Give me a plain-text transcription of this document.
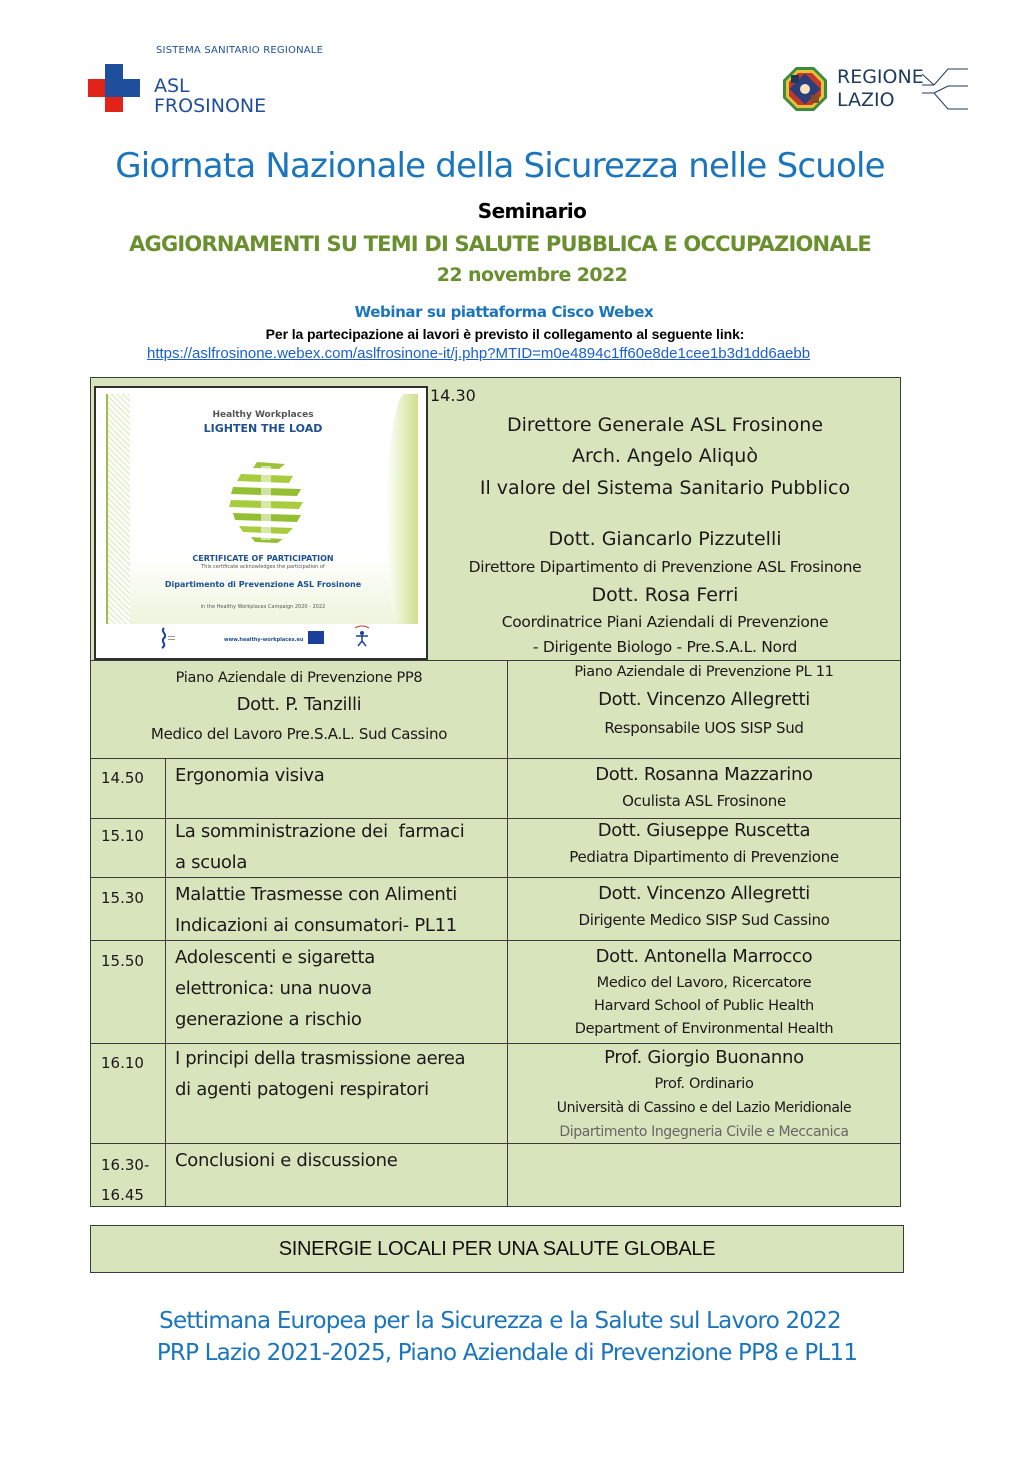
SISTEMA SANITARIO REGIONALE
ASL
FROSINONE
REGIONE
LAZIO
Giornata Nazionale della Sicurezza nelle Scuole
Seminario
AGGIORNAMENTI SU TEMI DI SALUTE PUBBLICA E OCCUPAZIONALE
22 novembre 2022
Webinar su piattaforma Cisco Webex
Per la partecipazione ai lavori è previsto il collegamento al seguente link:
https://aslfrosinone.webex.com/aslfrosinone-it/j.php?MTID=m0e4894c1ff60e8de1cee1b3d1dd6aebb
Healthy Workplaces
LIGHTEN THE LOAD
CERTIFICATE OF PARTICIPATION
This certificate acknowledges the participation of
Dipartimento di Prevenzione ASL Frosinone
in the Healthy Workplaces Campaign 2020 - 2022
www.healthy-workplaces.eu
14.30
Direttore Generale ASL Frosinone
Arch. Angelo Aliquò
Il valore del Sistema Sanitario Pubblico
Dott. Giancarlo Pizzutelli
Direttore Dipartimento di Prevenzione ASL Frosinone
Dott. Rosa Ferri
Coordinatrice Piani Aziendali di Prevenzione
- Dirigente Biologo - Pre.S.A.L. Nord
Piano Aziendale di Prevenzione PP8
Dott. P. Tanzilli
Medico del Lavoro Pre.S.A.L. Sud Cassino
Piano Aziendale di Prevenzione PL 11
Dott. Vincenzo Allegretti
Responsabile UOS SISP Sud
14.50 Ergonomia visiva	Dott. Rosanna Mazzarino
Oculista ASL Frosinone
15.10 La somministrazione dei  farmaci
a scuola
Dott. Giuseppe Ruscetta
Pediatra Dipartimento di Prevenzione
15.30 Malattie Trasmesse con Alimenti
Indicazioni ai consumatori- PL11
Dott. Vincenzo Allegretti
Dirigente Medico SISP Sud Cassino
15.50 Adolescenti e sigaretta
elettronica: una nuova
generazione a rischio
Dott. Antonella Marrocco
Medico del Lavoro, Ricercatore
Harvard School of Public Health
Department of Environmental Health
16.10 I principi della trasmissione aerea
di agenti patogeni respiratori
Prof. Giorgio Buonanno
Prof. Ordinario
Università di Cassino e del Lazio Meridionale
Dipartimento Ingegneria Civile e Meccanica
16.30-
16.45
Conclusioni e discussione
SINERGIE LOCALI PER UNA SALUTE GLOBALE
Settimana Europea per la Sicurezza e la Salute sul Lavoro 2022
PRP Lazio 2021-2025, Piano Aziendale di Prevenzione PP8 e PL11
